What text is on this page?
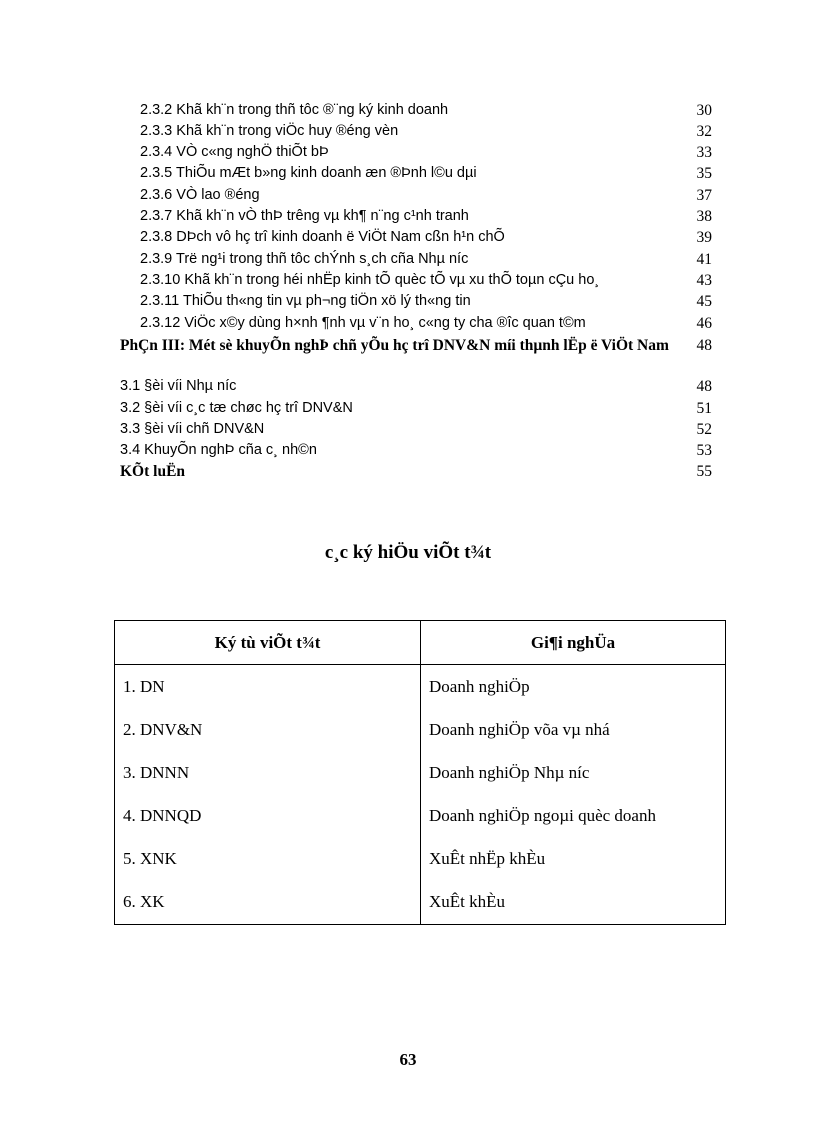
2.3.2 Khã kh¨n trong thñ tôc ®¨ng ký kinh doanh	30
2.3.3 Khã kh¨n trong viÖc huy ®éng vèn	32
2.3.4 VÒ c«ng nghÖ thiÕt bÞ	33
2.3.5 ThiÕu mÆt b»ng kinh doanh æn ®Þnh l©u dµi	35
2.3.6 VÒ lao ®éng	37
2.3.7 Khã kh¨n vÒ thÞ trêng vµ kh¶ n¨ng c¹nh tranh	38
2.3.8 DÞch vô hç trî kinh doanh ë ViÖt Nam cßn h¹n chÕ	39
2.3.9 Trë ng¹i trong thñ tôc chÝnh s¸ch cña Nhµ níc	41
2.3.10 Khã kh¨n trong héi nhËp kinh tÕ quèc tÕ vµ xu thÕ toµn cÇu ho¸	43
2.3.11 ThiÕu th«ng tin vµ ph¬ng tiÖn xö lý th«ng tin	45
2.3.12 ViÖc x©y dùng h×nh ¶nh vµ v¨n ho¸ c«ng ty cha ®îc quan t©m	46
PhÇn III: Mét sè khuyÕn nghÞ chñ yÕu hç trî DNV&N míi thµnh lËp ë ViÖt Nam	48
3.1 §èi víi Nhµ níc	48
3.2 §èi víi c¸c tæ chøc hç trî DNV&N	51
3.3 §èi víi chñ DNV&N	52
3.4 KhuyÕn nghÞ cña c¸ nh©n	53
KÕt luËn	55
c¸c ký hiÖu viÕt t¾t
Ký tù viÕt t¾t	Gi¶i nghÜa
1. DN	Doanh nghiÖp
2. DNV&N	Doanh nghiÖp võa vµ nhá
3. DNNN	Doanh nghiÖp Nhµ níc
4. DNNQD	Doanh nghiÖp ngoµi quèc doanh
5. XNK	XuÊt nhËp khÈu
6. XK	XuÊt khÈu
63
